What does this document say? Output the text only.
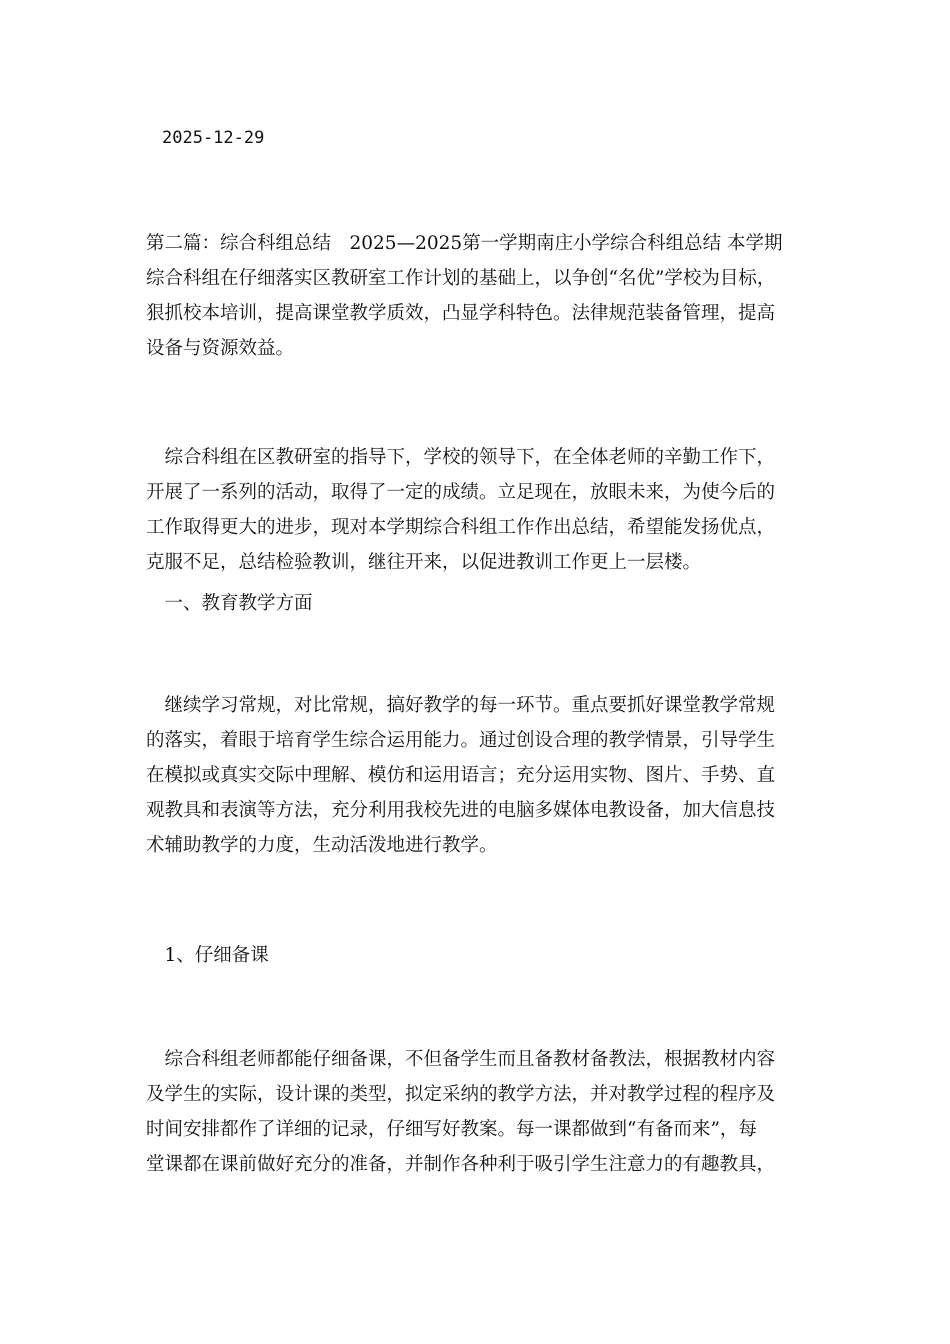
2025-12-29

第二篇：综合科组总结　2025—2025第一学期南庄小学综合科组总结 本学期
综合科组在仔细落实区教研室工作计划的基础上，以争创“名优”学校为目标，
狠抓校本培训，提高课堂教学质效，凸显学科特色。法律规范装备管理，提高
设备与资源效益。

　综合科组在区教研室的指导下，学校的领导下，在全体老师的辛勤工作下，
开展了一系列的活动，取得了一定的成绩。立足现在，放眼未来，为使今后的
工作取得更大的进步，现对本学期综合科组工作作出总结，希望能发扬优点，
克服不足，总结检验教训，继往开来，以促进教训工作更上一层楼。

　一、教育教学方面

　继续学习常规，对比常规，搞好教学的每一环节。重点要抓好课堂教学常规
的落实，着眼于培育学生综合运用能力。通过创设合理的教学情景，引导学生
在模拟或真实交际中理解、模仿和运用语言；充分运用实物、图片、手势、直
观教具和表演等方法，充分利用我校先进的电脑多媒体电教设备，加大信息技
术辅助教学的力度，生动活泼地进行教学。

　1、仔细备课

　综合科组老师都能仔细备课，不但备学生而且备教材备教法，根据教材内容
及学生的实际，设计课的类型，拟定采纳的教学方法，并对教学过程的程序及
时间安排都作了详细的记录，仔细写好教案。每一课都做到“有备而来”，每
堂课都在课前做好充分的准备，并制作各种利于吸引学生注意力的有趣教具，
